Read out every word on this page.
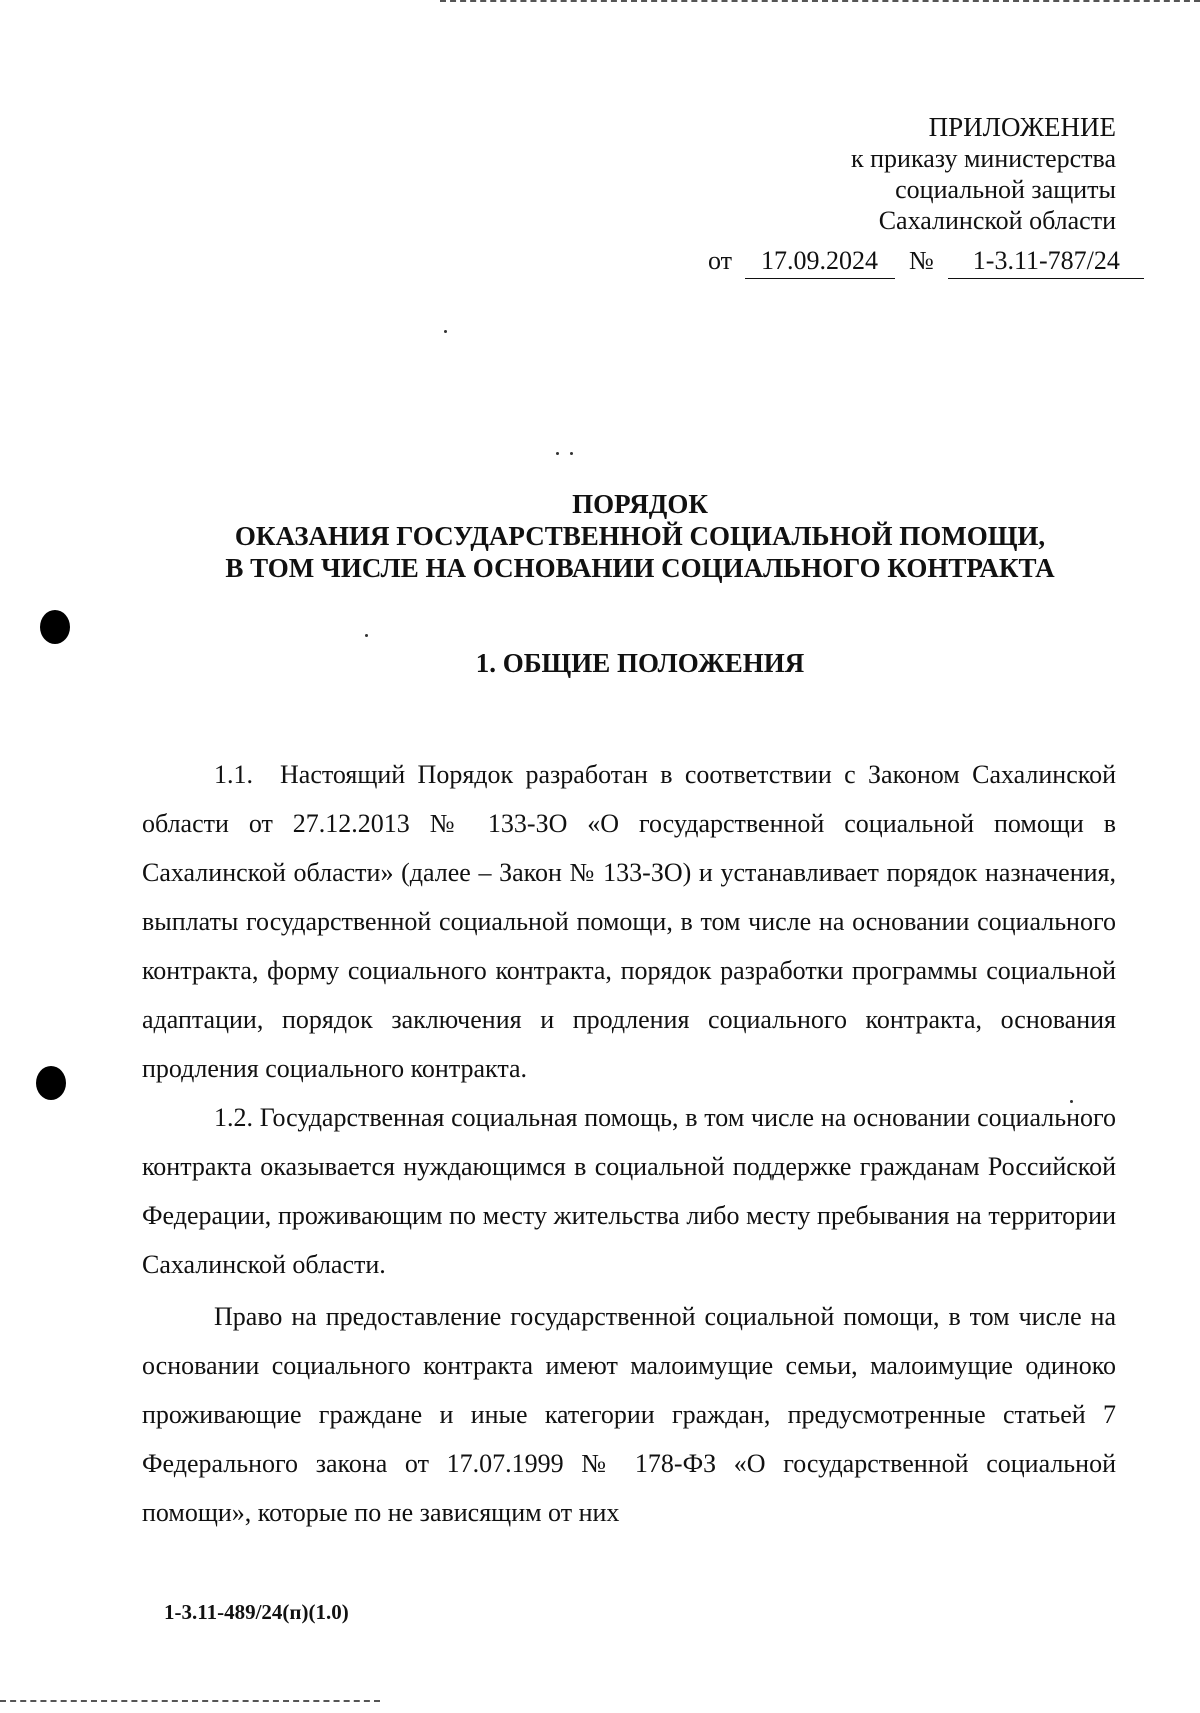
ПРИЛОЖЕНИЕ
к приказу министерства
социальной защиты
Сахалинской области
от 17.09.2024 № 1-3.11-787/24
ПОРЯДОК
ОКАЗАНИЯ ГОСУДАРСТВЕННОЙ СОЦИАЛЬНОЙ ПОМОЩИ,
В ТОМ ЧИСЛЕ НА ОСНОВАНИИ СОЦИАЛЬНОГО КОНТРАКТА
1. ОБЩИЕ ПОЛОЖЕНИЯ

1.1. Настоящий Порядок разработан в соответствии с Законом Сахалинской области от 27.12.2013 № 133-ЗО «О государственной социальной помощи в Сахалинской области» (далее – Закон № 133-ЗО) и устанавливает порядок назначения, выплаты государственной социальной помощи, в том числе на основании социального контракта, форму социального контракта, порядок разработки программы социальной адаптации, порядок заключения и продления социального контракта, основания продления социального контракта.

1.2. Государственная социальная помощь, в том числе на основании социального контракта оказывается нуждающимся в социальной поддержке гражданам Российской Федерации, проживающим по месту жительства либо месту пребывания на территории Сахалинской области.

Право на предоставление государственной социальной помощи, в том числе на основании социального контракта имеют малоимущие семьи, малоимущие одиноко проживающие граждане и иные категории граждан, предусмотренные статьей 7 Федерального закона от 17.07.1999 № 178-ФЗ «О государственной социальной помощи», которые по не зависящим от них

1-3.11-489/24(п)(1.0)
